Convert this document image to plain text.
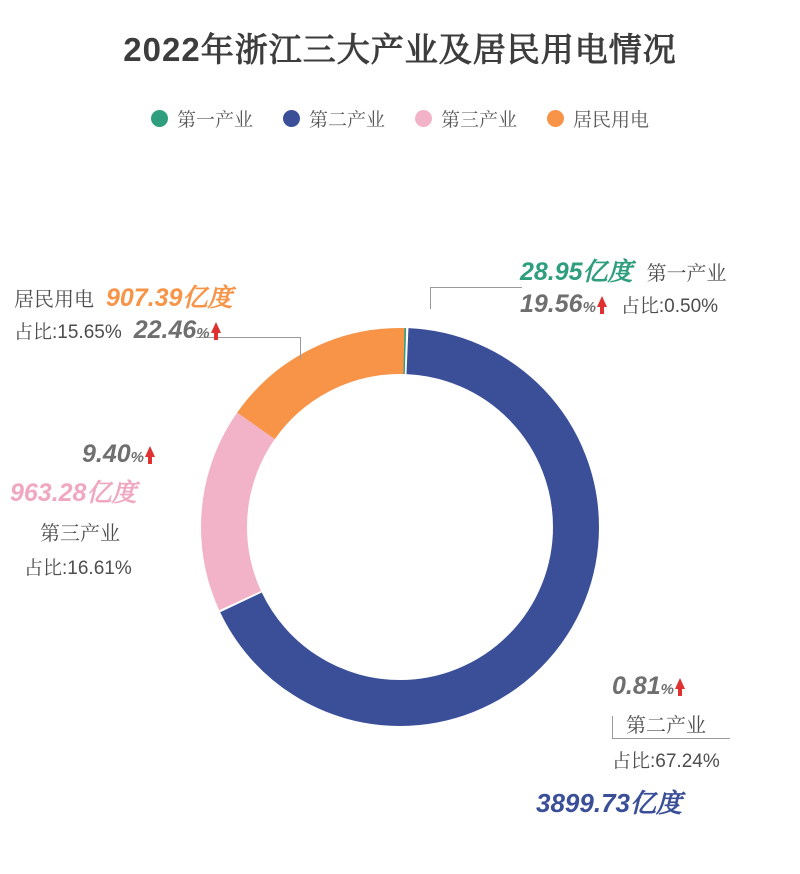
2022年浙江三大产业及居民用电情况
第一产业	第二产业	第三产业	居民用电
28.95亿度 第一产业
19.56%	占比:0.50%
居民用电 907.39亿度
占比:15.65% 22.46%
9.40%
963.28亿度
第三产业
占比:16.61%
0.81%
第二产业
占比:67.24%
3899.73亿度
